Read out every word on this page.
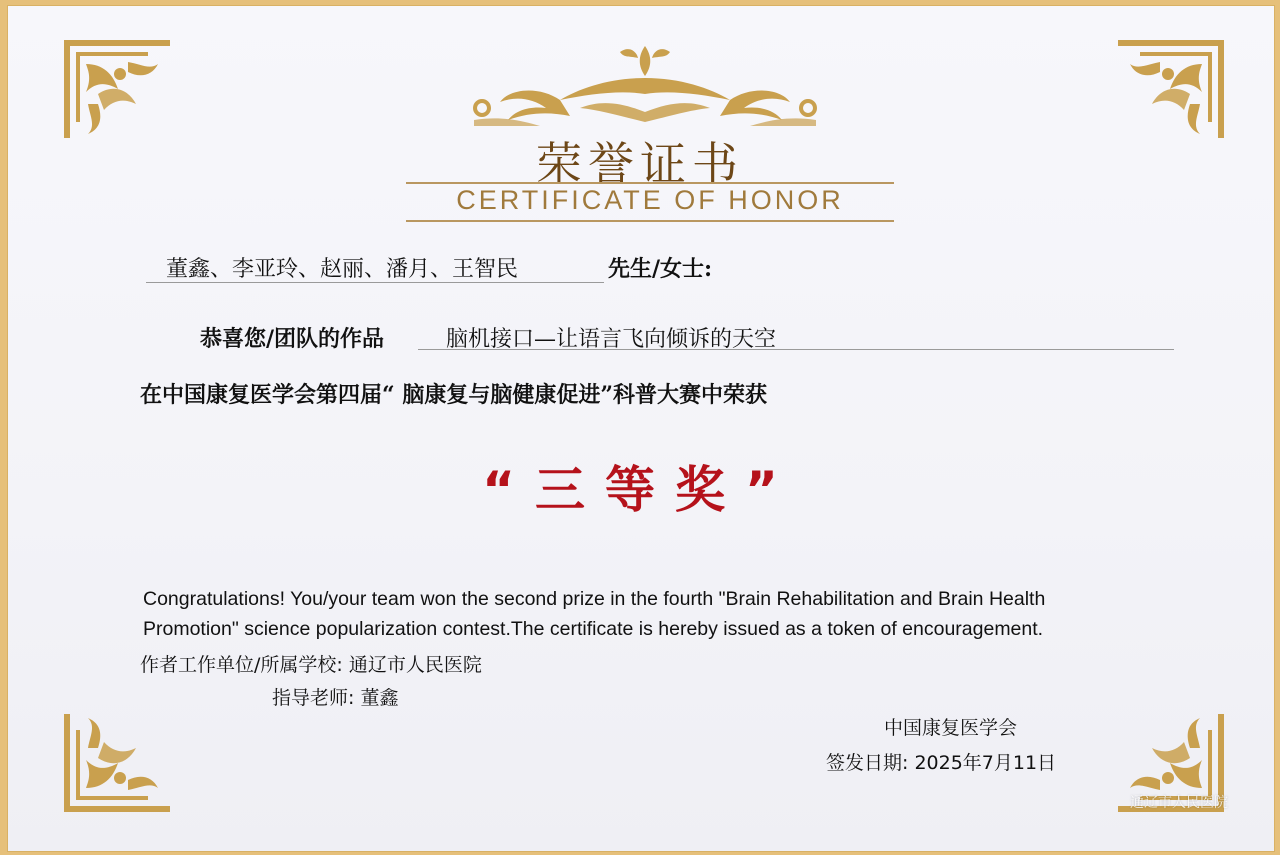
荣誉证书
CERTIFICATE OF HONOR
董鑫、李亚玲、赵丽、潘月、王智民	先生/女士:
恭喜您/团队的作品	脑机接口—让语言飞向倾诉的天空
在中国康复医学会第四届“ 脑康复与脑健康促进”科普大赛中荣获
“三等奖”
Congratulations! You/your team won the second prize in the fourth "Brain Rehabilitation and Brain Health
Promotion" science popularization contest.The certificate is hereby issued as a token of encouragement.
作者工作单位/所属学校: 通辽市人民医院
指导老师: 董鑫
中国康复医学会
签发日期: 2025年7月11日
通辽市人民医院
